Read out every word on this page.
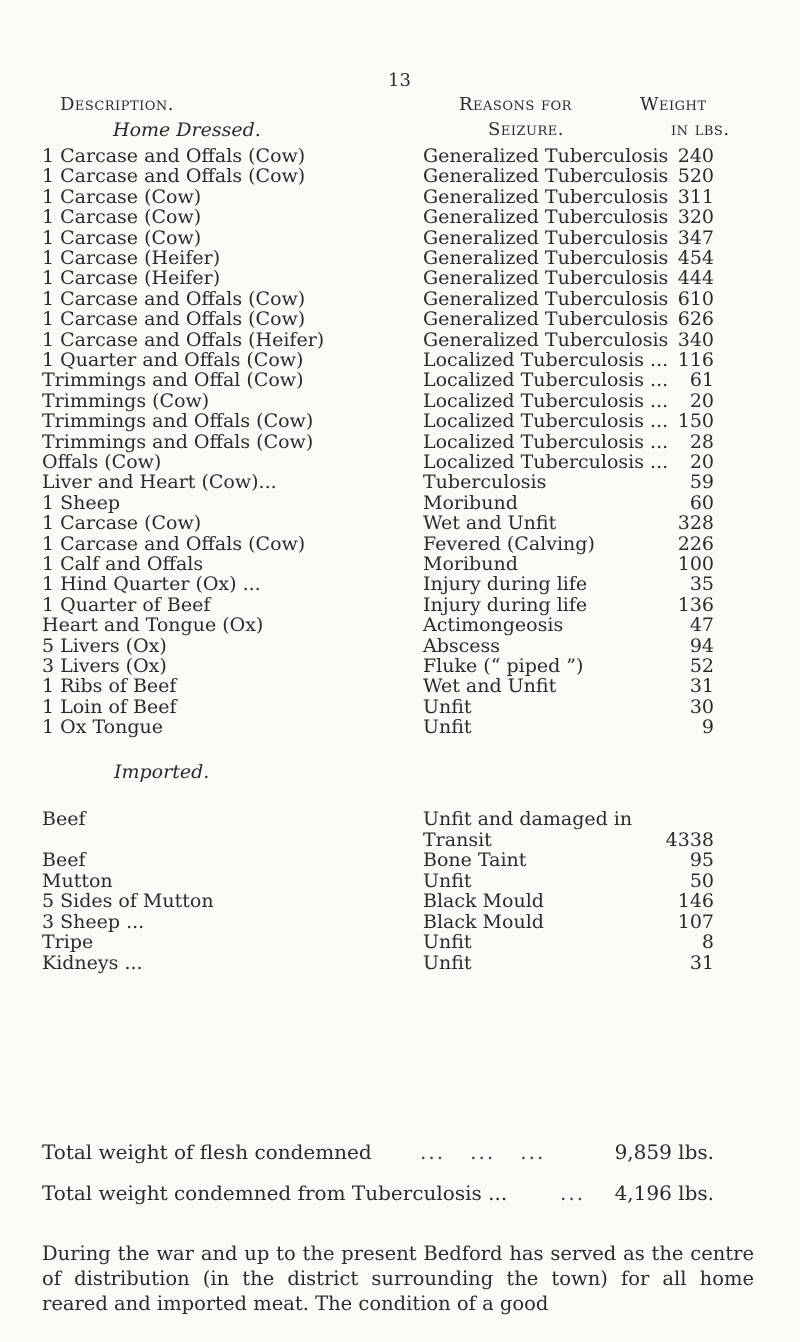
13
Description.	Reasons for	Weight
Seizure.	in lbs.
Home Dressed.
1 Carcase and Offals (Cow)	Generalized Tuberculosis 240
1 Carcase and Offals (Cow)	Generalized Tuberculosis 520
1 Carcase (Cow)	Generalized Tuberculosis 311
1 Carcase (Cow)	Generalized Tuberculosis 320
1 Carcase (Cow)	Generalized Tuberculosis 347
1 Carcase (Heifer)	Generalized Tuberculosis 454
1 Carcase (Heifer)	Generalized Tuberculosis 444
1 Carcase and Offals (Cow)	Generalized Tuberculosis 610
1 Carcase and Offals (Cow)	Generalized Tuberculosis 626
1 Carcase and Offals (Heifer)	Generalized Tuberculosis 340
1 Quarter and Offals (Cow)	Localized Tuberculosis ... 116
Trimmings and Offal (Cow)	Localized Tuberculosis ... 61
Trimmings (Cow)	Localized Tuberculosis ... 20
Trimmings and Offals (Cow)	Localized Tuberculosis ... 150
Trimmings and Offals (Cow)	Localized Tuberculosis ... 28
Offals (Cow)	Localized Tuberculosis ... 20
Liver and Heart (Cow)...	Tuberculosis	59
1 Sheep	Moribund	60
1 Carcase (Cow)	Wet and Unfit	328
1 Carcase and Offals (Cow)	Fevered (Calving)	226
1 Calf and Offals	Moribund	100
1 Hind Quarter (Ox) ...	Injury during life	35
1 Quarter of Beef	Injury during life	136
Heart and Tongue (Ox)	Actimongeosis	47
5 Livers (Ox)	Abscess	94
3 Livers (Ox)	Fluke (“ piped ”)	52
1 Ribs of Beef	Wet and Unfit	31
1 Loin of Beef	Unfit	30
1 Ox Tongue	Unfit	9
Imported.
Beef	Unfit and damaged in
Transit	4338
Beef	Bone Taint	95
Mutton	Unfit	50
5 Sides of Mutton	Black Mould	146
3 Sheep ...	Black Mould	107
Tripe	Unfit	8
Kidneys ...	Unfit	31
Total weight of flesh condemned ...   ...   ...	9,859 lbs.
Total weight condemned from Tuberculosis ...	... 4,196 lbs.
During the war and up to the present Bedford has served as the centre of distribution (in the district surrounding the town) for all home reared and imported meat. The condition of a good
